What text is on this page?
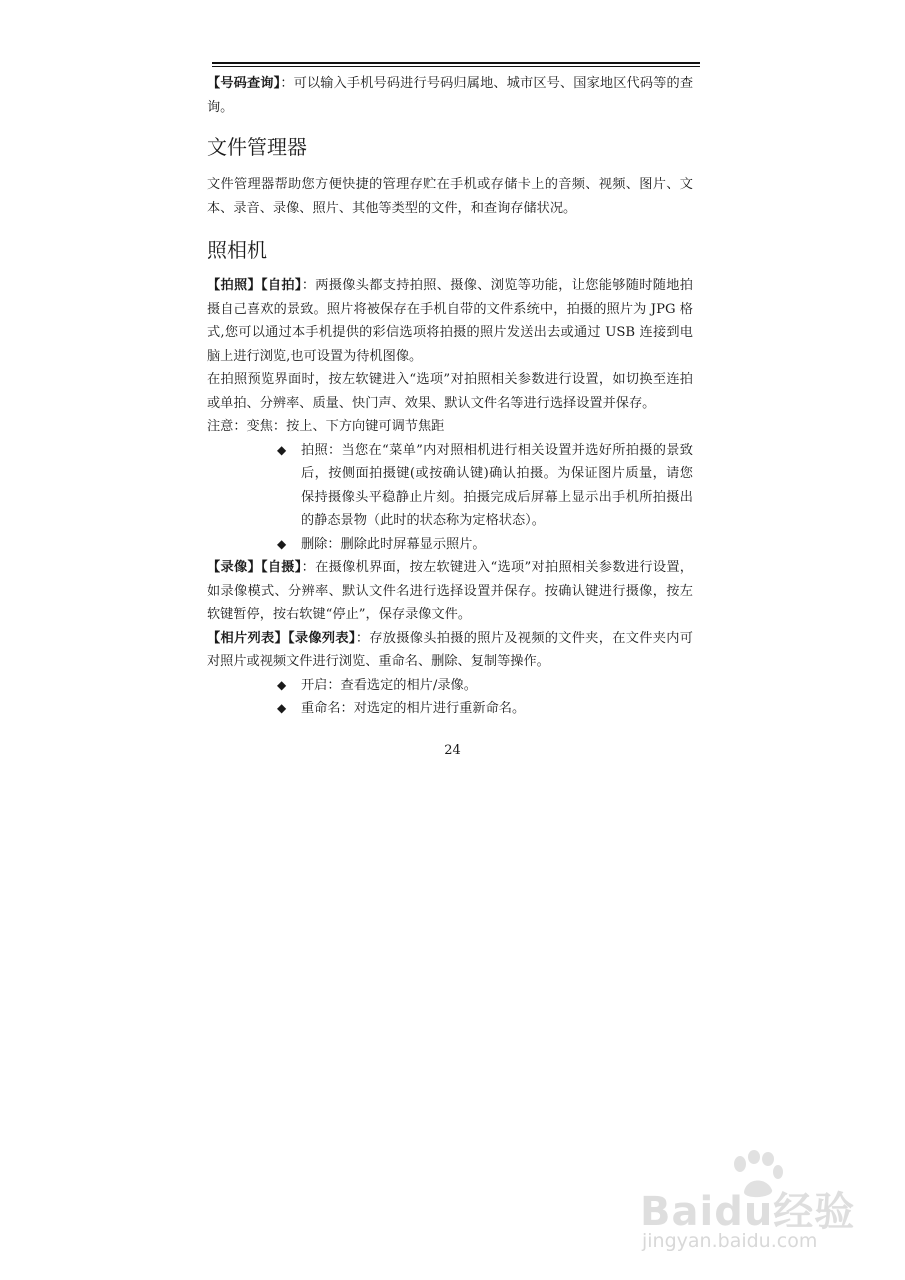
【号码查询】：可以输入手机号码进行号码归属地、城市区号、国家地区代码等的查询。

文件管理器

文件管理器帮助您方便快捷的管理存贮在手机或存储卡上的音频、视频、图片、文本、录音、录像、照片、其他等类型的文件，和查询存储状况。

照相机

【拍照】【自拍】：两摄像头都支持拍照、摄像、浏览等功能，让您能够随时随地拍摄自己喜欢的景致。照片将被保存在手机自带的文件系统中，拍摄的照片为 JPG 格式,您可以通过本手机提供的彩信选项将拍摄的照片发送出去或通过 USB 连接到电脑上进行浏览,也可设置为待机图像。

在拍照预览界面时，按左软键进入“选项”对拍照相关参数进行设置，如切换至连拍或单拍、分辨率、质量、快门声、效果、默认文件名等进行选择设置并保存。

注意：变焦：按上、下方向键可调节焦距

◆ 拍照：当您在“菜单”内对照相机进行相关设置并选好所拍摄的景致后，按侧面拍摄键(或按确认键)确认拍摄。为保证图片质量，请您保持摄像头平稳静止片刻。拍摄完成后屏幕上显示出手机所拍摄出的静态景物（此时的状态称为定格状态）。
◆ 删除：删除此时屏幕显示照片。

【录像】【自摄】：在摄像机界面，按左软键进入“选项”对拍照相关参数进行设置，如录像模式、分辨率、默认文件名进行选择设置并保存。按确认键进行摄像，按左软键暂停，按右软键“停止”，保存录像文件。

【相片列表】【录像列表】：存放摄像头拍摄的照片及视频的文件夹，在文件夹内可对照片或视频文件进行浏览、重命名、删除、复制等操作。

◆ 开启：查看选定的相片/录像。
◆ 重命名：对选定的相片进行重新命名。
24
Baidu经验
jingyan.baidu.com
